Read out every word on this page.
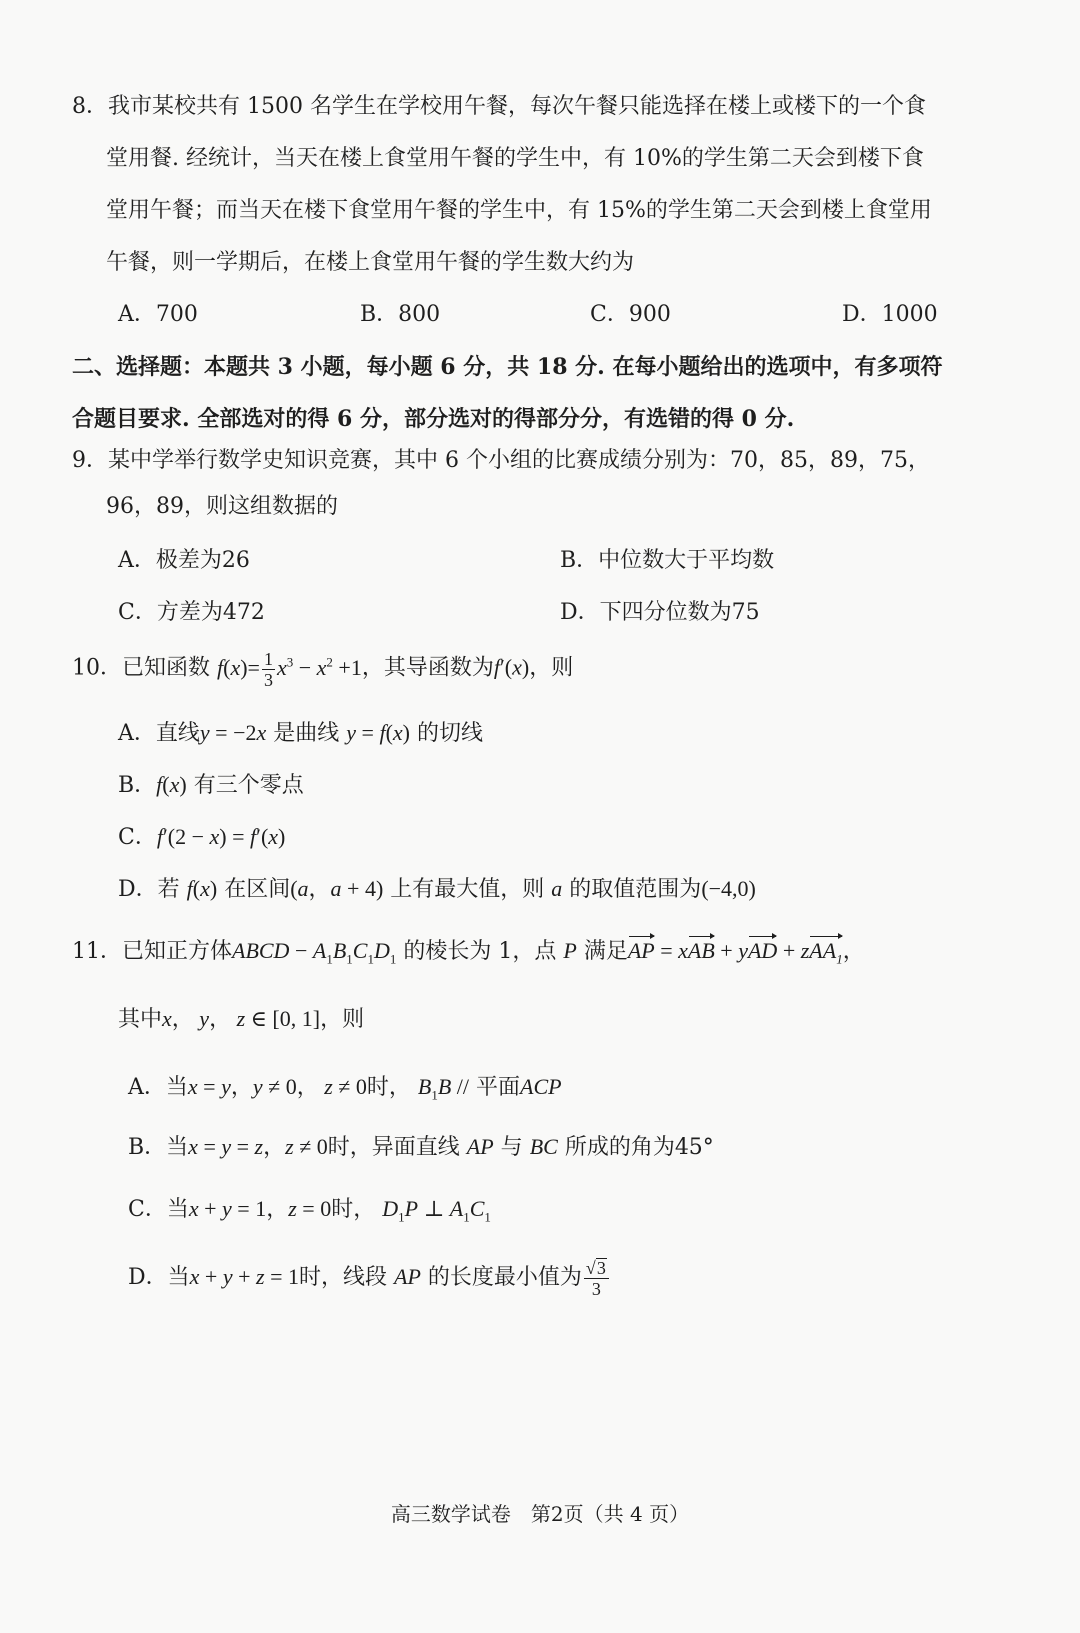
8．我市某校共有 1500 名学生在学校用午餐，每次午餐只能选择在楼上或楼下的一个食
堂用餐. 经统计，当天在楼上食堂用午餐的学生中，有 10%的学生第二天会到楼下食
堂用午餐；而当天在楼下食堂用午餐的学生中，有 15%的学生第二天会到楼上食堂用
午餐，则一学期后，在楼上食堂用午餐的学生数大约为
A．700	B．800	C．900	D．1000
二、选择题：本题共 3 小题，每小题 6 分，共 18 分. 在每小题给出的选项中，有多项符
合题目要求. 全部选对的得 6 分，部分选对的得部分分，有选错的得 0 分.
9．某中学举行数学史知识竞赛，其中 6 个小组的比赛成绩分别为：70，85，89，75，
96，89，则这组数据的
A．极差为26	B．中位数大于平均数
C．方差为472	D．下四分位数为75
10．已知函数 $f(x)= \frac{1}{3} x^3 - x^2 +1$，其导函数为f′(x)，则
A．直线y = −2x 是曲线 y = f(x) 的切线
B．f(x) 有三个零点
C．f′(2 − x) = f′(x)
D．若 f(x) 在区间(a，a + 4) 上有最大值，则 a 的取值范围为(−4,0)
11．已知正方体ABCD − $A_1B_1C_1D_1$ 的棱长为 1，点 P 满足AP = xAB + yAD + zAA$_1$，
其中x， y， z ∈ [0, 1]，则
A．当x = y，y ≠ 0， z ≠ 0时， $B_1B$ // 平面ACP
B．当x = y = z，z ≠ 0时，异面直线 AP 与 BC 所成的角为45°
C．当x + y = 1，z = 0时， $D_1P$ ⊥ $A_1C_1$
D．当x + y + z = 1时，线段 AP 的长度最小值为 $\frac{√3}{3}$
高三数学试卷　第2页（共 4 页）
